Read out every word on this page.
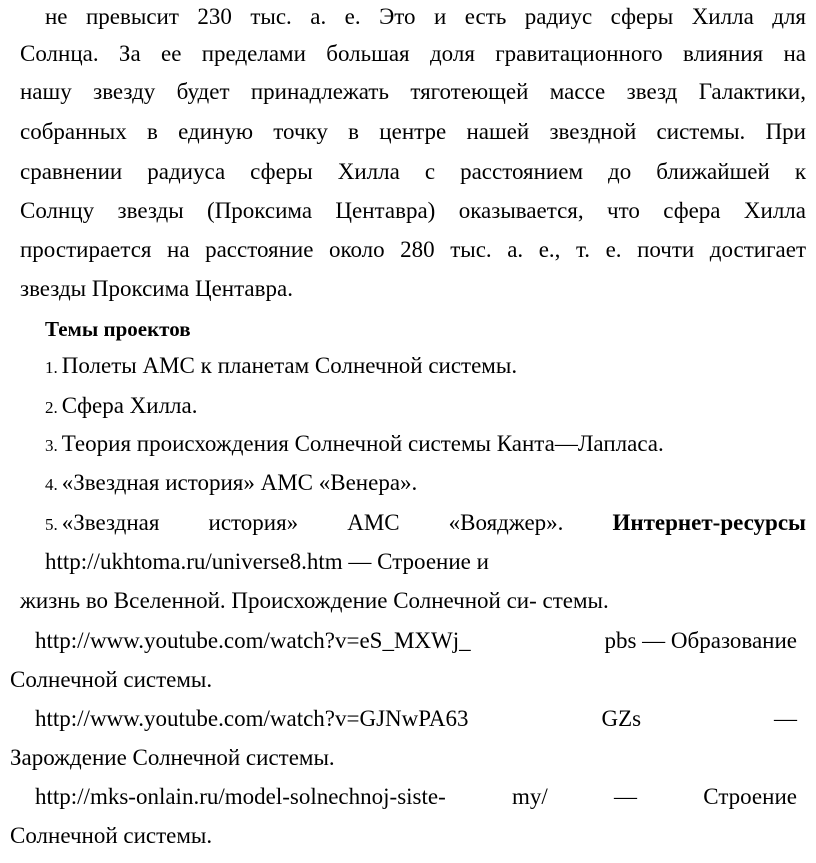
не превысит 230 тыс. а. е. Это и есть радиус сферы Хилла для
Солнца. За ее пределами большая доля гравитационного влияния на
нашу звезду будет принадлежать тяготеющей массе звезд Галактики,
собранных в единую точку в центре нашей звездной системы. При
сравнении радиуса сферы Хилла с расстоянием до ближайшей к
Солнцу звезды (Проксима Центавра) оказывается, что сфера Хилла
простирается на расстояние около 280 тыс. а. е., т. е. почти достигает
звезды Проксима Центавра.
Темы проектов
1. Полеты АМС к планетам Солнечной системы.
2. Сфера Хилла.
3. Теория происхождения Солнечной системы Канта—Лапласа.
4. «Звездная история» АМС «Венера».
5. «Звездная история» АМС «Вояджер». Интернет-ресурсы
http://ukhtoma.ru/universe8.htm — Строение и
жизнь во Вселенной. Происхождение Солнечной си- стемы.
http://www.youtube.com/watch?v=eS_MXWj_	pbs — Образование
Солнечной системы.
http://www.youtube.com/watch?v=GJNwPA63	GZs	—
Зарождение Солнечной системы.
http://mks-onlain.ru/model-solnechnoj-siste-	my/	—	Строение
Солнечной системы.
